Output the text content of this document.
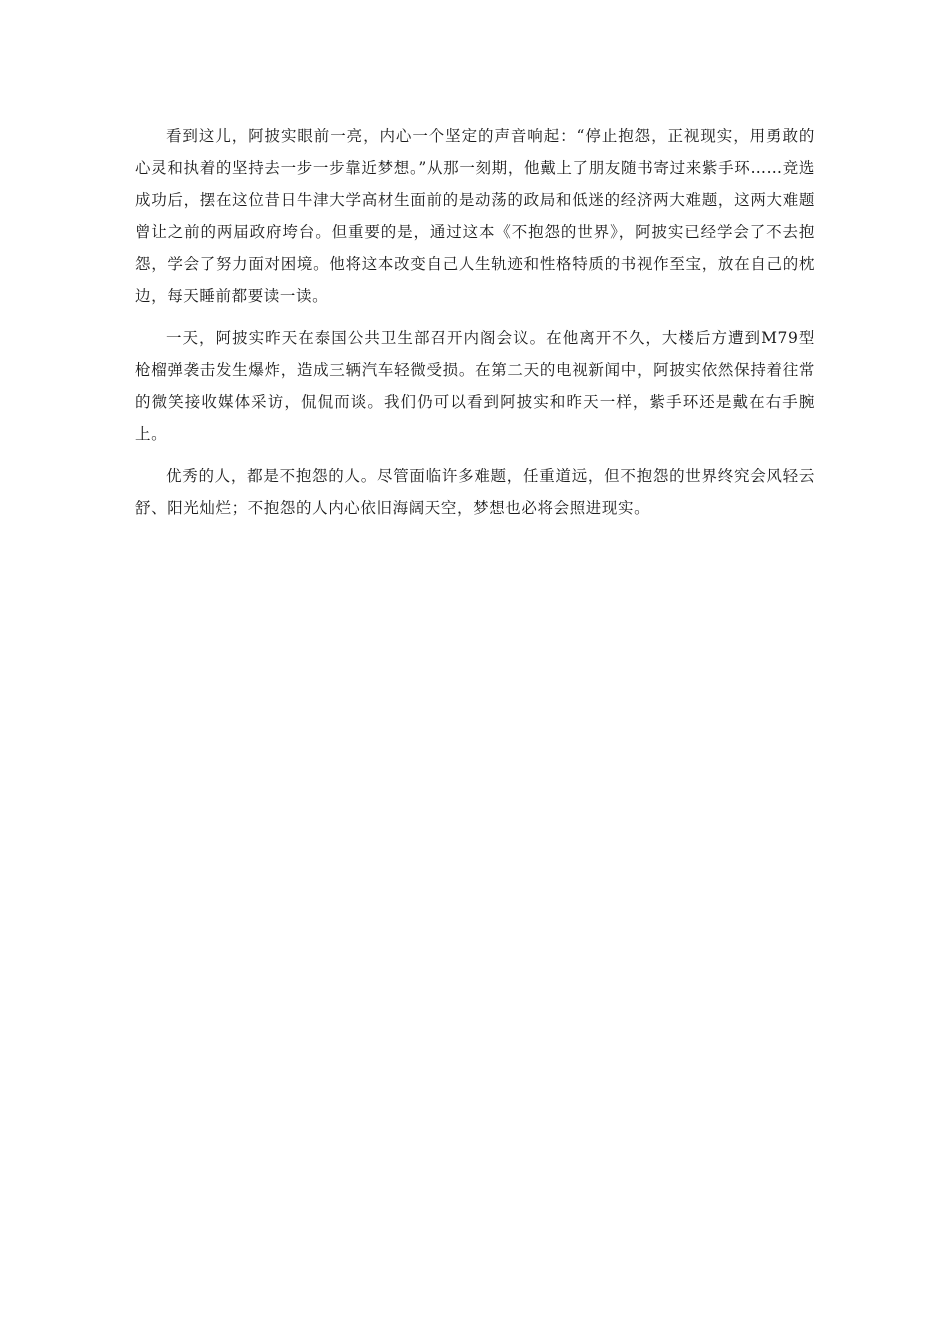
看到这儿，阿披实眼前一亮，内心一个坚定的声音响起：“停止抱怨，正视现实，用勇敢的心灵和执着的坚持去一步一步靠近梦想。”从那一刻期，他戴上了朋友随书寄过来紫手环……竞选成功后，摆在这位昔日牛津大学高材生面前的是动荡的政局和低迷的经济两大难题，这两大难题曾让之前的两届政府垮台。但重要的是，通过这本《不抱怨的世界》，阿披实已经学会了不去抱怨，学会了努力面对困境。他将这本改变自己人生轨迹和性格特质的书视作至宝，放在自己的枕边，每天睡前都要读一读。

一天，阿披实昨天在泰国公共卫生部召开内阁会议。在他离开不久，大楼后方遭到M79型枪榴弹袭击发生爆炸，造成三辆汽车轻微受损。在第二天的电视新闻中，阿披实依然保持着往常的微笑接收媒体采访，侃侃而谈。我们仍可以看到阿披实和昨天一样，紫手环还是戴在右手腕上。

优秀的人，都是不抱怨的人。尽管面临许多难题，任重道远，但不抱怨的世界终究会风轻云舒、阳光灿烂；不抱怨的人内心依旧海阔天空，梦想也必将会照进现实。
